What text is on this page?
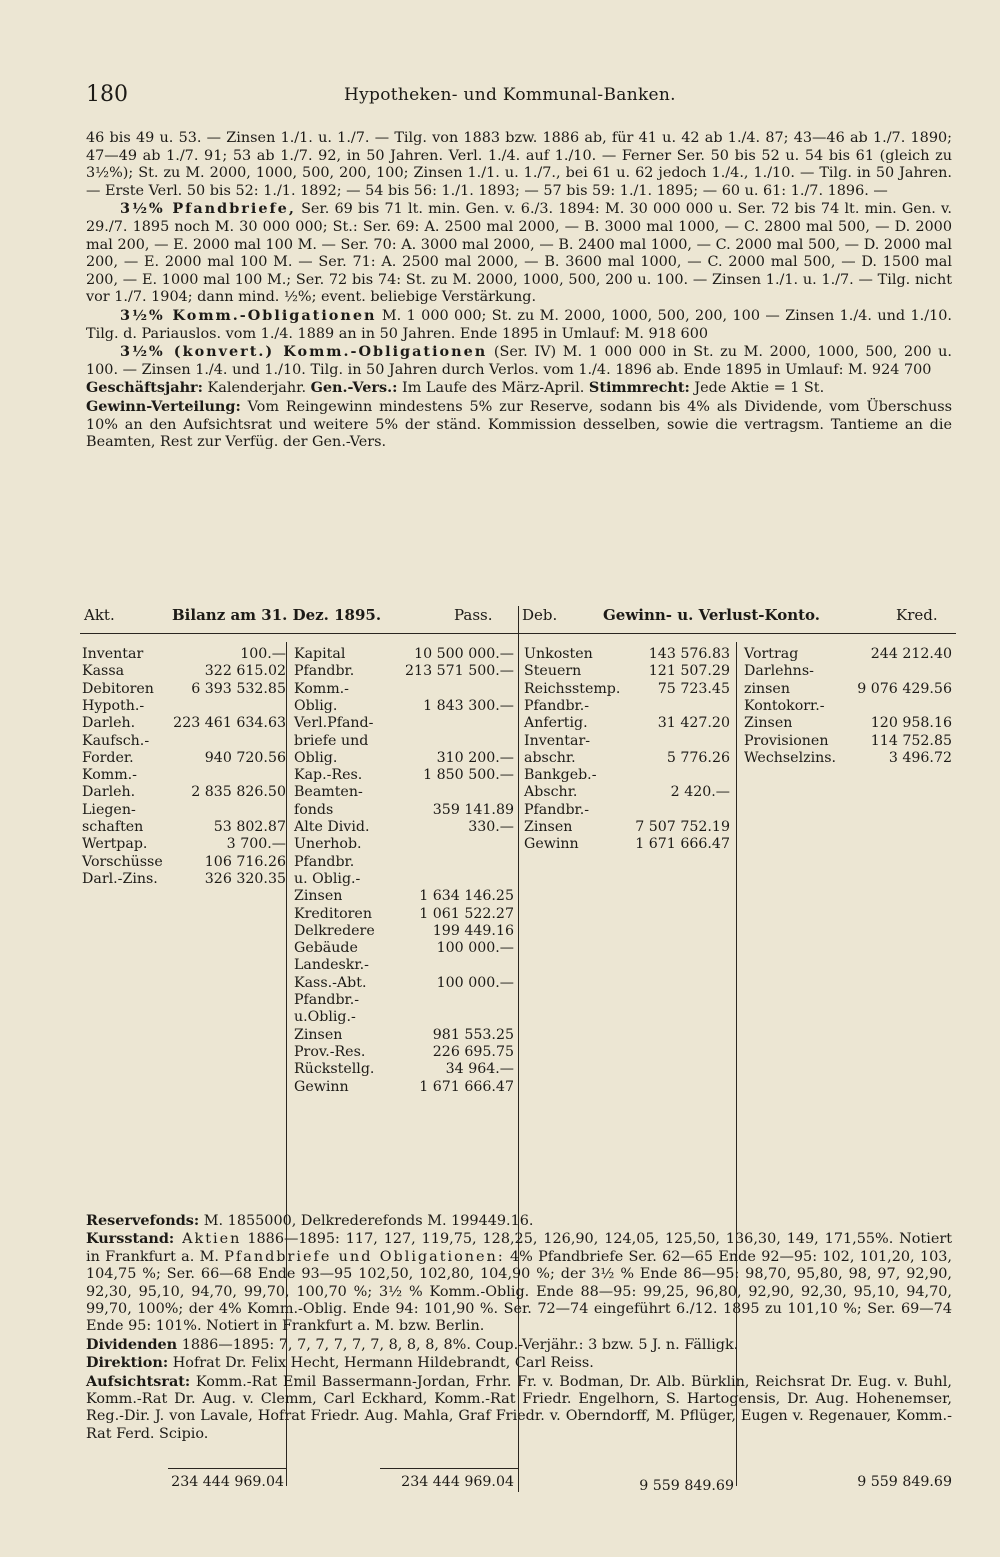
180	Hypotheken- und Kommunal-Banken.

46 bis 49 u. 53. — Zinsen 1./1. u. 1./7. — Tilg. von 1883 bzw. 1886 ab, für 41 u. 42 ab 1./4. 87; 43—46 ab 1./7. 1890; 47—49 ab 1./7. 91; 53 ab 1./7. 92, in 50 Jahren. Verl. 1./4. auf 1./10. — Ferner Ser. 50 bis 52 u. 54 bis 61 (gleich zu 3½%); St. zu M. 2000, 1000, 500, 200, 100; Zinsen 1./1. u. 1./7., bei 61 u. 62 jedoch 1./4., 1./10. — Tilg. in 50 Jahren. — Erste Verl. 50 bis 52: 1./1. 1892; — 54 bis 56: 1./1. 1893; — 57 bis 59: 1./1. 1895; — 60 u. 61: 1./7. 1896. —

3½% Pfandbriefe, Ser. 69 bis 71 lt. min. Gen. v. 6./3. 1894: M. 30 000 000 u. Ser. 72 bis 74 lt. min. Gen. v. 29./7. 1895 noch M. 30 000 000; St.: Ser. 69: A. 2500 mal 2000, — B. 3000 mal 1000, — C. 2800 mal 500, — D. 2000 mal 200, — E. 2000 mal 100 M. — Ser. 70: A. 3000 mal 2000, — B. 2400 mal 1000, — C. 2000 mal 500, — D. 2000 mal 200, — E. 2000 mal 100 M. — Ser. 71: A. 2500 mal 2000, — B. 3600 mal 1000, — C. 2000 mal 500, — D. 1500 mal 200, — E. 1000 mal 100 M.; Ser. 72 bis 74: St. zu M. 2000, 1000, 500, 200 u. 100. — Zinsen 1./1. u. 1./7. — Tilg. nicht vor 1./7. 1904; dann mind. ½%; event. beliebige Verstärkung.

3½% Komm.-Obligationen M. 1 000 000; St. zu M. 2000, 1000, 500, 200, 100 — Zinsen 1./4. und 1./10. Tilg. d. Pariauslos. vom 1./4. 1889 an in 50 Jahren. Ende 1895 in Umlauf: M. 918 600

3½% (konvert.) Komm.-Obligationen (Ser. IV) M. 1 000 000 in St. zu M. 2000, 1000, 500, 200 u. 100. — Zinsen 1./4. und 1./10. Tilg. in 50 Jahren durch Verlos. vom 1./4. 1896 ab. Ende 1895 in Umlauf: M. 924 700

Geschäftsjahr: Kalenderjahr. Gen.-Vers.: Im Laufe des März-April. Stimmrecht: Jede Aktie = 1 St.

Gewinn-Verteilung: Vom Reingewinn mindestens 5% zur Reserve, sodann bis 4% als Dividende, vom Überschuss 10% an den Aufsichtsrat und weitere 5% der ständ. Kommission desselben, sowie die vertragsm. Tantieme an die Beamten, Rest zur Verfüg. der Gen.-Vers.

Akt.	Bilanz am 31. Dez. 1895.	Pass. Deb.	Gewinn- u. Verlust-Konto.	Kred.
Inventar	100.—
Kassa	322 615.02
Debitoren	6 393 532.85
Hypoth.-
Darleh.	223 461 634.63
Kaufsch.-
Forder.	940 720.56
Komm.-
Darleh.	2 835 826.50
Liegen-
schaften	53 802.87
Wertpap.	3 700.—
Vorschüsse	106 716.26
Darl.-Zins.	326 320.35
Kapital	10 500 000.—
Pfandbr.	213 571 500.—
Komm.-
Oblig.	1 843 300.—
Verl.Pfand-
briefe und
Oblig.	310 200.—
Kap.-Res.	1 850 500.—
Beamten-
fonds	359 141.89
Alte Divid.	330.—
Unerhob.
Pfandbr.
u. Oblig.-
Zinsen	1 634 146.25
Kreditoren	1 061 522.27
Delkredere	199 449.16
Gebäude	100 000.—
Landeskr.-
Kass.-Abt.	100 000.—
Pfandbr.-
u.Oblig.-
Zinsen	981 553.25
Prov.-Res.	226 695.75
Rückstellg.	34 964.—
Gewinn	1 671 666.47
Unkosten	143 576.83
Steuern	121 507.29
Reichsstemp.	75 723.45
Pfandbr.-
Anfertig.	31 427.20
Inventar-
abschr.	5 776.26
Bankgeb.-
Abschr.	2 420.—
Pfandbr.-
Zinsen	7 507 752.19
Gewinn	1 671 666.47
Vortrag	244 212.40
Darlehns-
zinsen	9 076 429.56
Kontokorr.-
Zinsen	120 958.16
Provisionen	114 752.85
Wechselzins.	3 496.72
234 444 969.04	234 444 969.04	9 559 849.69	9 559 849.69

Reservefonds: M. 1855000, Delkrederefonds M. 199449.16.

Kursstand: Aktien 1886—1895: 117, 127, 119,75, 128,25, 126,90, 124,05, 125,50, 136,30, 149, 171,55%. Notiert in Frankfurt a. M. Pfandbriefe und Obligationen: 4% Pfandbriefe Ser. 62—65 Ende 92—95: 102, 101,20, 103, 104,75 %; Ser. 66—68 Ende 93—95 102,50, 102,80, 104,90 %; der 3½ % Ende 86—95: 98,70, 95,80, 98, 97, 92,90, 92,30, 95,10, 94,70, 99,70, 100,70 %; 3½ % Komm.-Oblig. Ende 88—95: 99,25, 96,80, 92,90, 92,30, 95,10, 94,70, 99,70, 100%; der 4% Komm.-Oblig. Ende 94: 101,90 %. Ser. 72—74 eingeführt 6./12. 1895 zu 101,10 %; Ser. 69—74 Ende 95: 101%. Notiert in Frankfurt a. M. bzw. Berlin.

Dividenden 1886—1895: 7, 7, 7, 7, 7, 7, 8, 8, 8, 8%. Coup.-Verjähr.: 3 bzw. 5 J. n. Fälligk.

Direktion: Hofrat Dr. Felix Hecht, Hermann Hildebrandt, Carl Reiss.

Aufsichtsrat: Komm.-Rat Emil Bassermann-Jordan, Frhr. Fr. v. Bodman, Dr. Alb. Bürklin, Reichsrat Dr. Eug. v. Buhl, Komm.-Rat Dr. Aug. v. Clemm, Carl Eckhard, Komm.-Rat Friedr. Engelhorn, S. Hartogensis, Dr. Aug. Hohenemser, Reg.-Dir. J. von Lavale, Hofrat Friedr. Aug. Mahla, Graf Friedr. v. Oberndorff, M. Pflüger, Eugen v. Regenauer, Komm.-Rat Ferd. Scipio.
